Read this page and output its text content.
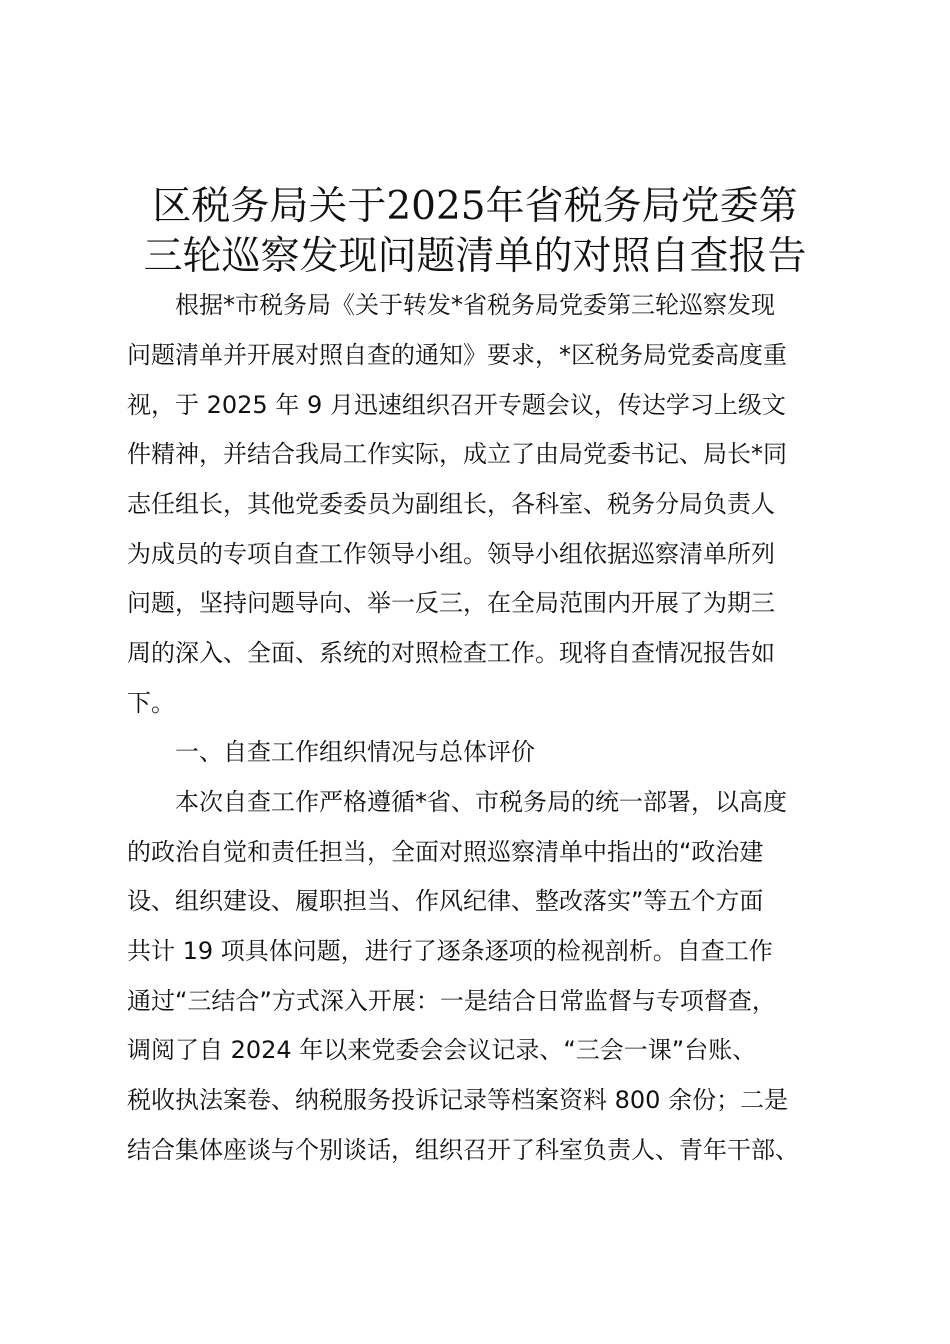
区税务局关于2025年省税务局党委第
三轮巡察发现问题清单的对照自查报告

根据*市税务局《关于转发*省税务局党委第三轮巡察发现

问题清单并开展对照自查的通知》要求，*区税务局党委高度重

视，于 2025 年 9 月迅速组织召开专题会议，传达学习上级文

件精神，并结合我局工作实际，成立了由局党委书记、局长*同

志任组长，其他党委委员为副组长，各科室、税务分局负责人

为成员的专项自查工作领导小组。领导小组依据巡察清单所列

问题，坚持问题导向、举一反三，在全局范围内开展了为期三

周的深入、全面、系统的对照检查工作。现将自查情况报告如

下。

一、自查工作组织情况与总体评价

本次自查工作严格遵循*省、市税务局的统一部署，以高度

的政治自觉和责任担当，全面对照巡察清单中指出的“政治建

设、组织建设、履职担当、作风纪律、整改落实”等五个方面

共计 19 项具体问题，进行了逐条逐项的检视剖析。自查工作

通过“三结合”方式深入开展：一是结合日常监督与专项督查，

调阅了自 2024 年以来党委会会议记录、“三会一课”台账、

税收执法案卷、纳税服务投诉记录等档案资料 800 余份；二是

结合集体座谈与个别谈话，组织召开了科室负责人、青年干部、
